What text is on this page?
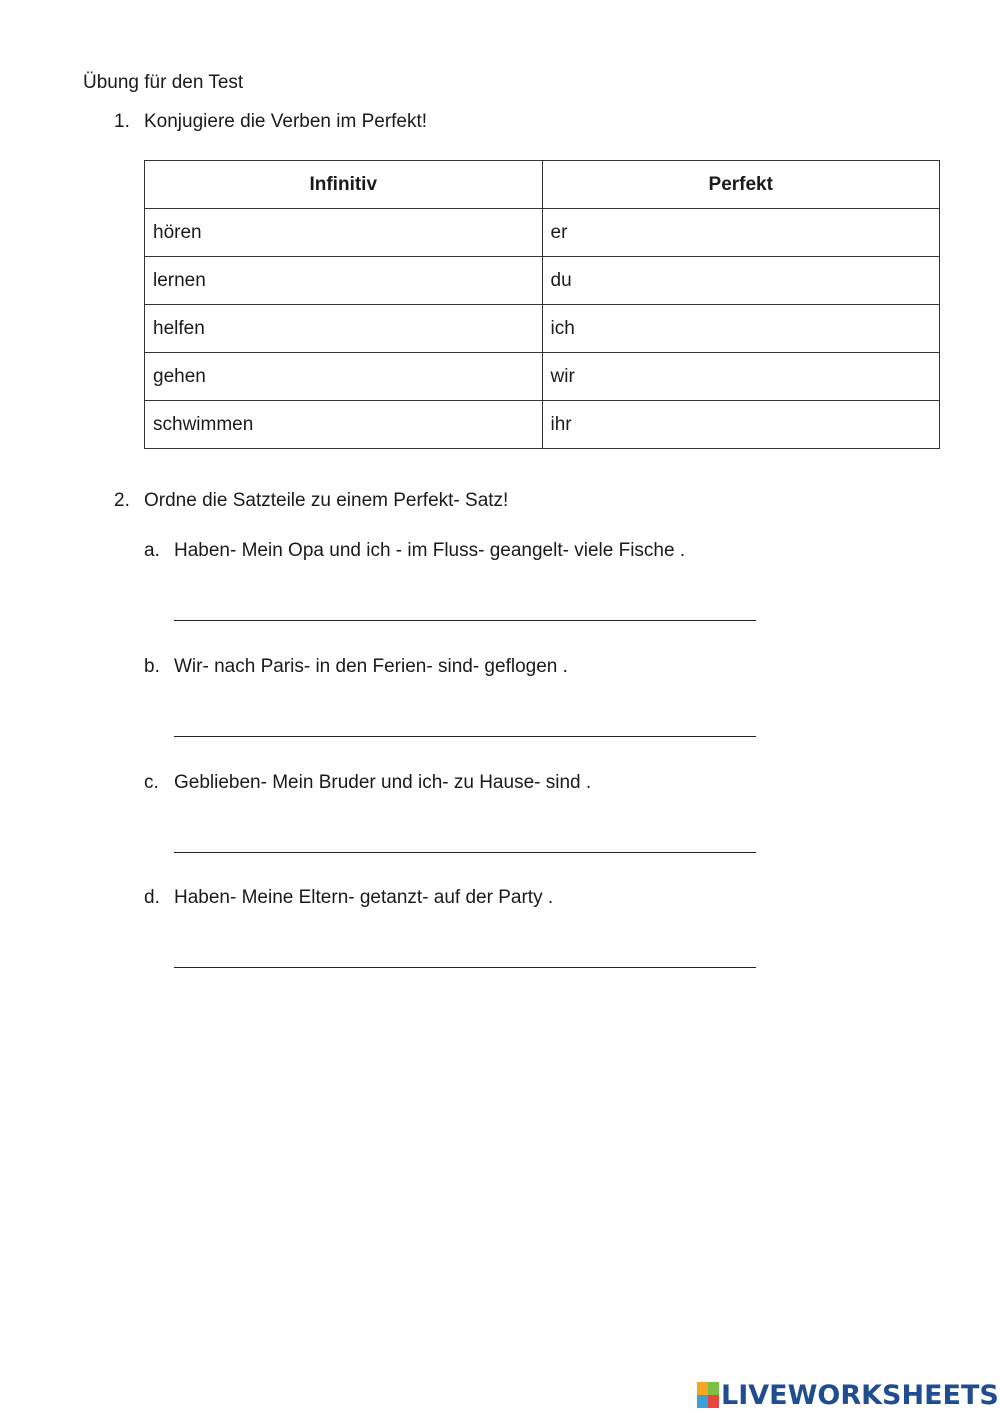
Übung für den Test
1. Konjugiere die Verben im Perfekt!
Infinitiv	Perfekt
hören	er
lernen	du
helfen	ich
gehen	wir
schwimmen	ihr
2. Ordne die Satzteile zu einem Perfekt- Satz!
a. Haben- Mein Opa und ich - im Fluss- geangelt- viele Fische .
b. Wir- nach Paris- in den Ferien- sind- geflogen .
c. Geblieben- Mein Bruder und ich- zu Hause- sind .
d. Haben- Meine Eltern- getanzt- auf der Party .
LIVEWORKSHEETS
